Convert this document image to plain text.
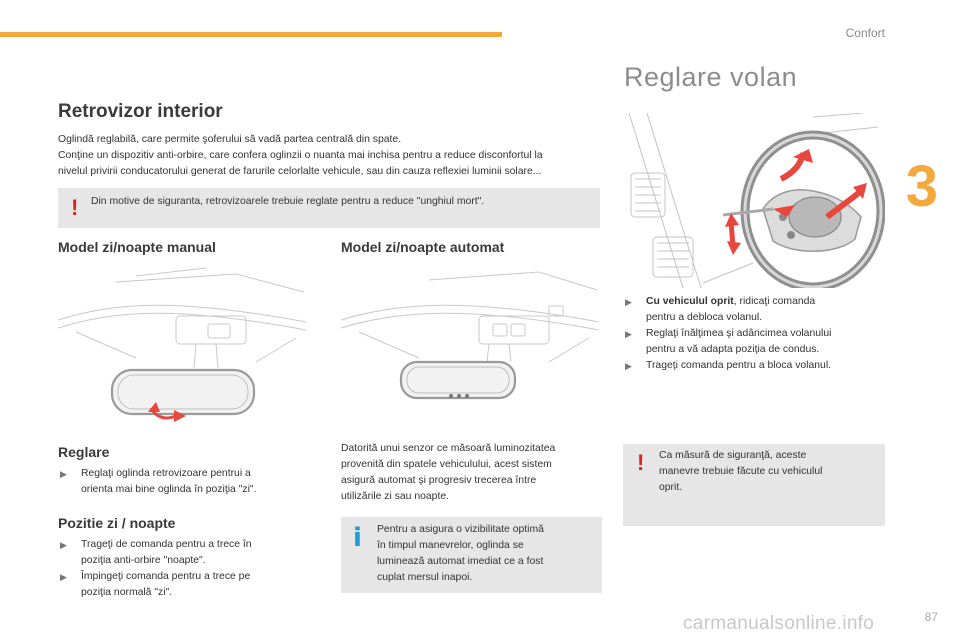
Confort
3
Retrovizor interior
Oglindă reglabilă, care permite şoferului să vadă partea centrală din spate.
Conţine un dispozitiv anti-orbire, care confera oglinzii o nuanta mai inchisa pentru a reduce disconfortul la
nivelul privirii conducatorului generat de farurile celorlalte vehicule, sau din cauza reflexiei luminii solare...
! Din motive de siguranta, retrovizoarele trebuie reglate pentru a reduce "unghiul mort".
Model zi/noapte manual	Model zi/noapte automat
Reglare
▶ Reglaţi oglinda retrovizoare pentrui a
orienta mai bine oglinda în poziţia "zi".
Pozitie zi / noapte
▶ Trageţi de comanda pentru a trece în
poziţia anti-orbire "noapte".
▶ Împingeţi comanda pentru a trece pe
poziţia normală "zi".
Datorită unui senzor ce măsoară luminozitatea
provenită din spatele vehiculului, acest sistem
asigură automat şi progresiv trecerea între
utilizările zi sau noapte.
i Pentru a asigura o vizibilitate optimă
în timpul manevrelor, oglinda se
luminează automat imediat ce a fost
cuplat mersul inapoi.
Reglare volan
▶ Cu vehiculul oprit, ridicaţi comanda
pentru a debloca volanul.
▶ Reglaţi înălţimea şi adâncimea volanului
pentru a vă adapta poziţia de condus.
▶ Trageţi comanda pentru a bloca volanul.
! Ca măsură de siguranţă, aceste
manevre trebuie făcute cu vehiculul
oprit.
carmanualsonline.info	87
